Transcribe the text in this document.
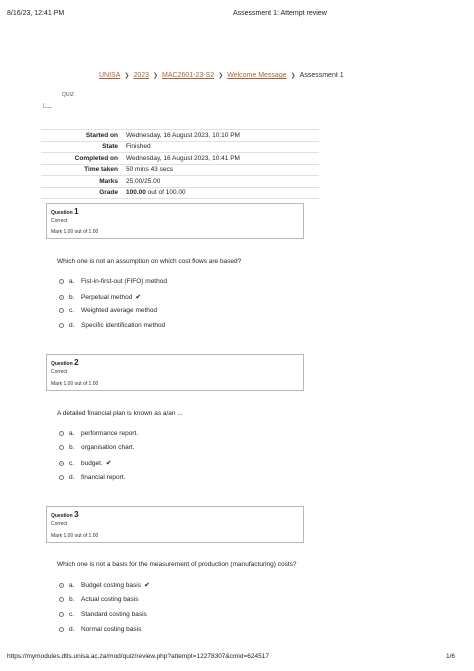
8/16/23, 12:41 PM	Assessment 1: Attempt review
UNISA ❯ 2023 ❯ MAC2601-23-S2 ❯ Welcome Message ❯ Assessment 1
QUIZ
Started on	Wednesday, 16 August 2023, 10:10 PM
State	Finished
Completed on	Wednesday, 16 August 2023, 10:41 PM
Time taken	50 mins 43 secs
Marks	25.00/25.00
Grade	100.00 out of 100.00
Question 1
Correct
Mark 1.00 out of 1.00
Which one is not an assumption on which cost flows are based?
a.	Fist-in-first-out (FIFO) method
b.	Perpetual method ✔
c.	Weighted average method
d.	Specific identification method
Question 2
Correct
Mark 1.00 out of 1.00
A detailed financial plan is known as a/an ...
a.	performance report.
b.	organisation chart.
c.	budget. ✔
d.	financial report.
Question 3
Correct
Mark 1.00 out of 1.00
Which one is not a basis for the measurement of production (manufacturing) costs?
a.	Budget costing basis ✔
b.	Actual costing basis
c.	Standard costing basis
d.	Normal costing basis
https://mymodules.dtls.unisa.ac.za/mod/quiz/review.php?attempt=12278307&cmid=624517	1/6
